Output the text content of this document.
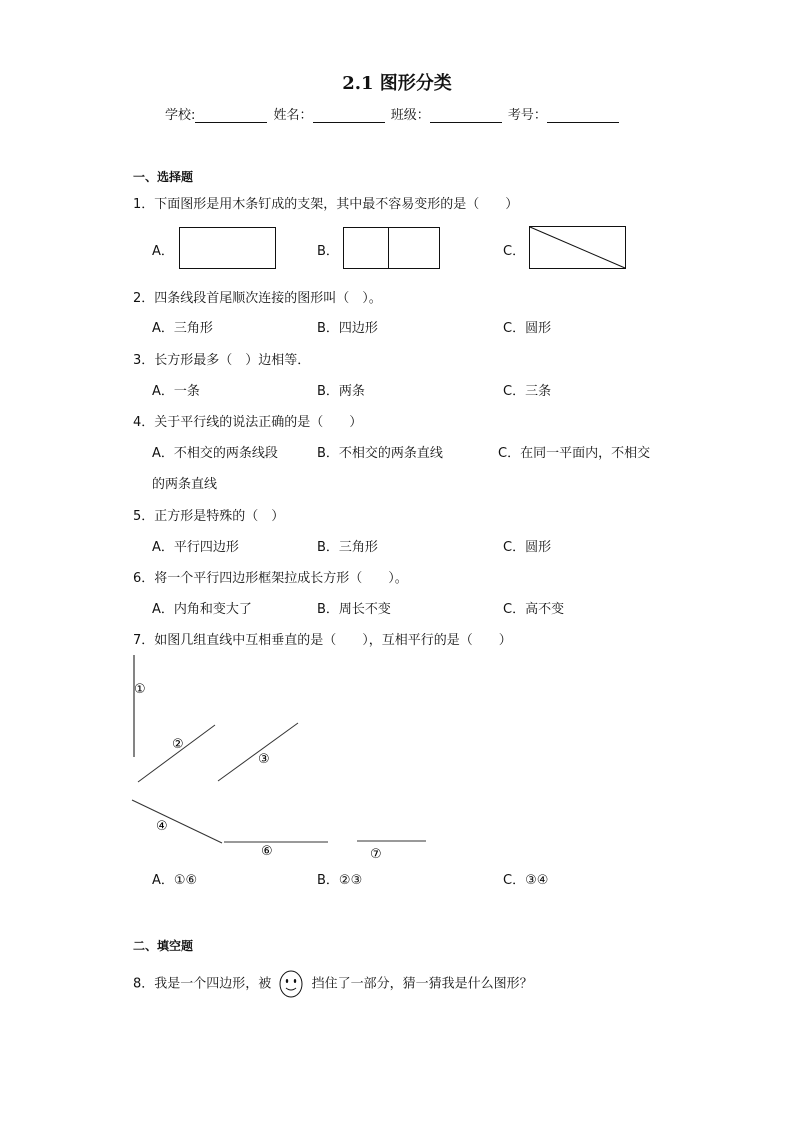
2.1 图形分类
学校:	姓名：	班级：	考号：
一、选择题
1．下面图形是用木条钉成的支架，其中最不容易变形的是（　　）
A．	B．	C．
2．四条线段首尾顺次连接的图形叫（　）。
A．三角形	B．四边形	C．圆形
3．长方形最多（　）边相等．
A．一条	B．两条	C．三条
4．关于平行线的说法正确的是（　　）
A．不相交的两条线段	B．不相交的两条直线	C．在同一平面内，不相交
的两条直线
5．正方形是特殊的（　）
A．平行四边形	B．三角形	C．圆形
6．将一个平行四边形框架拉成长方形（　　）。
A．内角和变大了	B．周长不变	C．高不变
7．如图几组直线中互相垂直的是（　　），互相平行的是（　　）
①
②
③
④
⑥	⑦
A．①⑥	B．②③	C．③④
二、填空题
8．我是一个四边形，被	挡住了一部分，猜一猜我是什么图形？
